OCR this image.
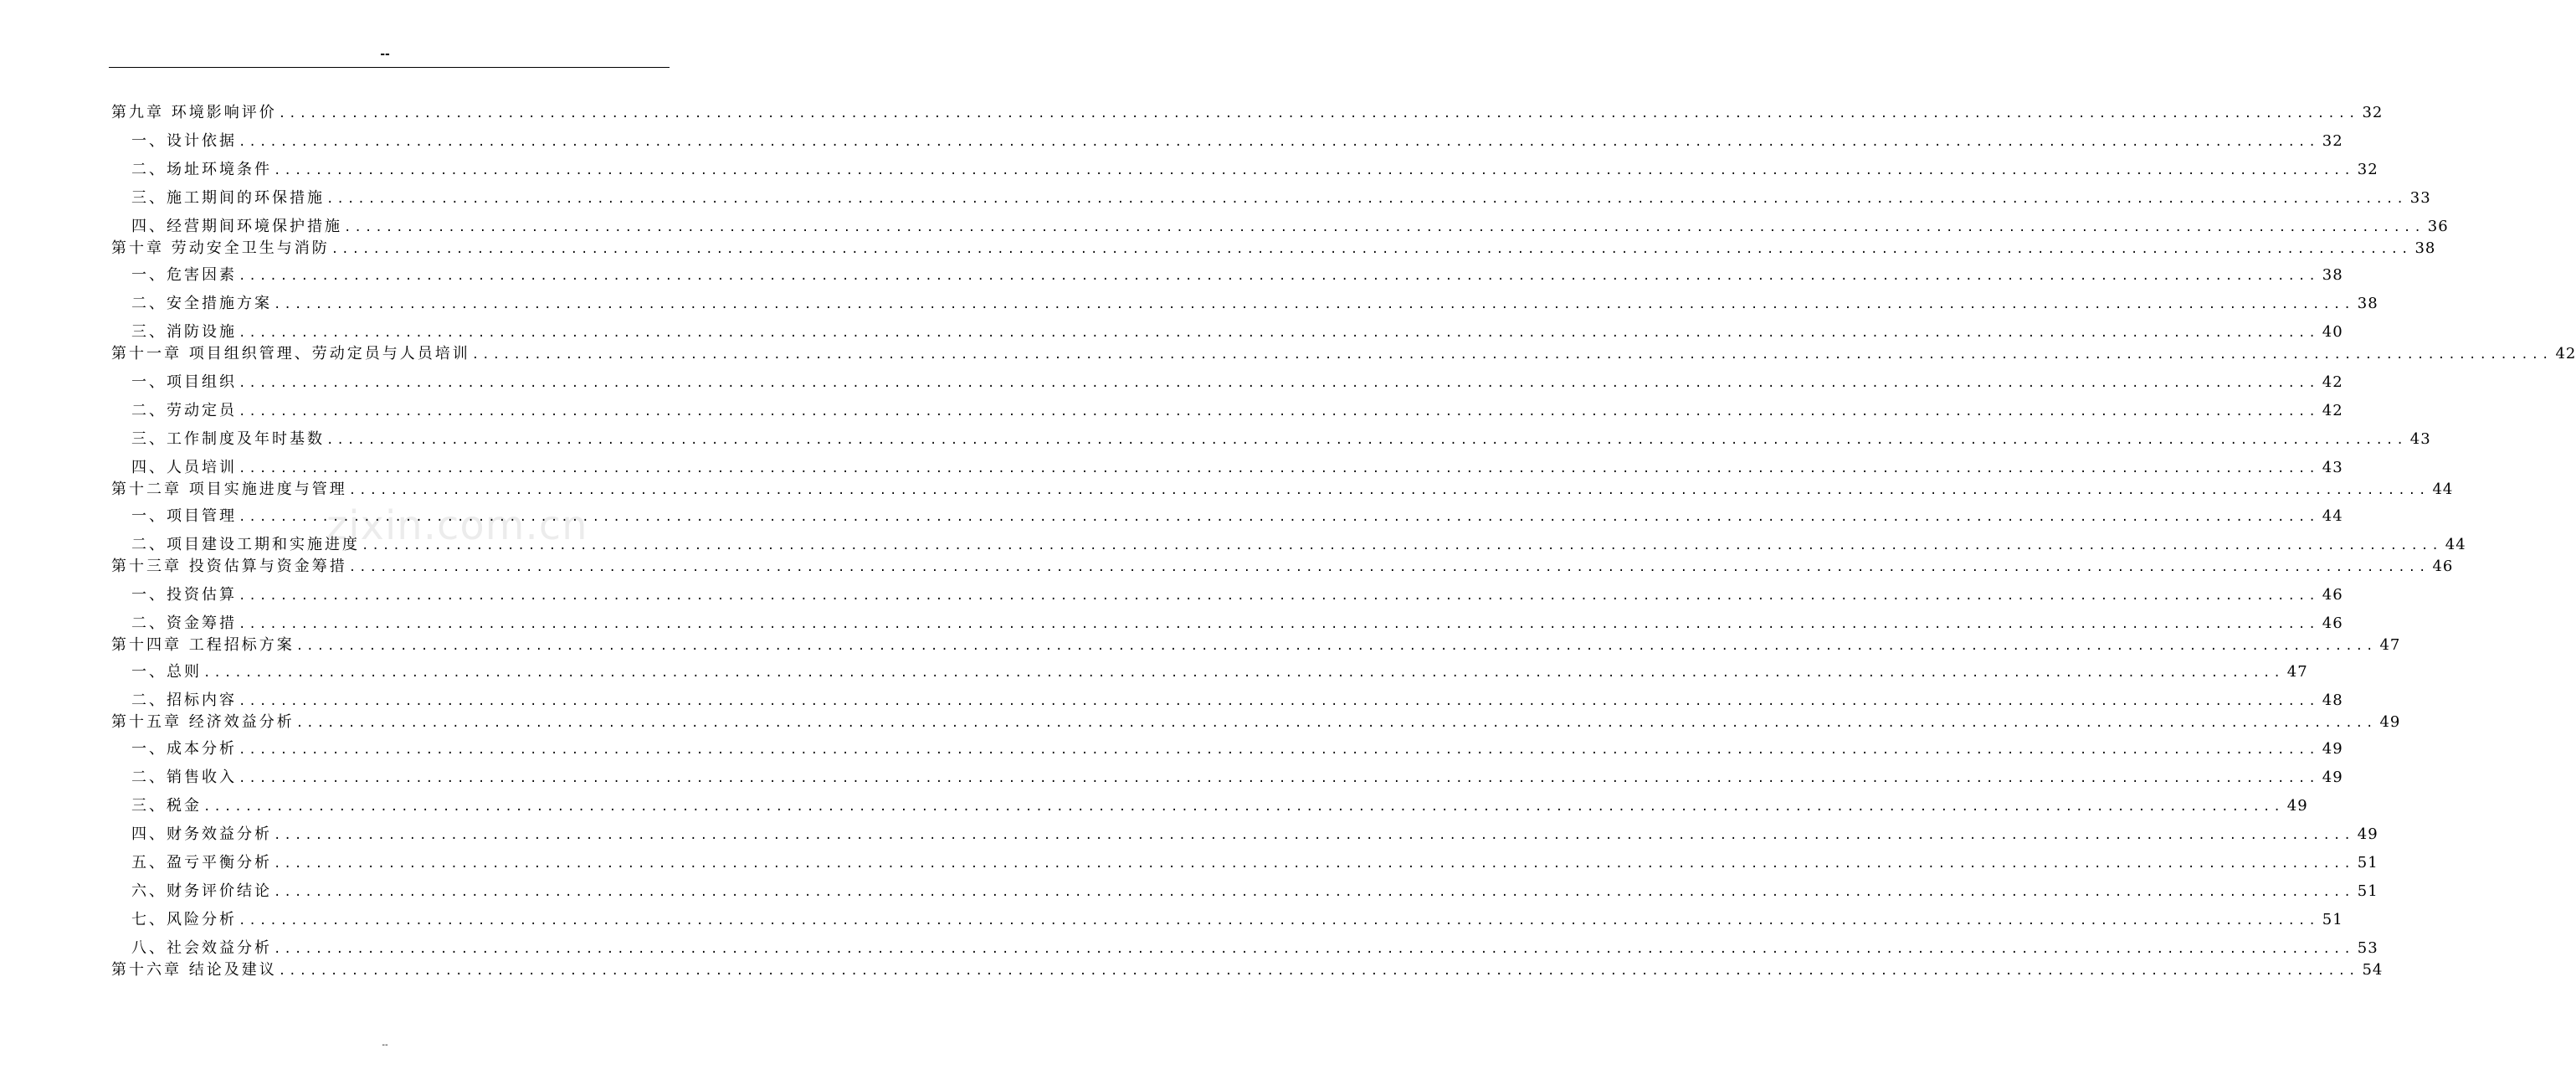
--
zixin.com.cn
第九章 环境影响评价 ........................................................................................................................................................................................................ 32
一、设计依据 ........................................................................................................................................................................................................ 32
二、场址环境条件 ........................................................................................................................................................................................................ 32
三、施工期间的环保措施 ........................................................................................................................................................................................................ 33
四、经营期间环境保护措施 ........................................................................................................................................................................................................ 36
第十章 劳动安全卫生与消防 ........................................................................................................................................................................................................ 38
一、危害因素 ........................................................................................................................................................................................................ 38
二、安全措施方案 ........................................................................................................................................................................................................ 38
三、消防设施 ........................................................................................................................................................................................................ 40
第十一章 项目组织管理、劳动定员与人员培训 ........................................................................................................................................................................................................ 42
一、项目组织 ........................................................................................................................................................................................................ 42
二、劳动定员 ........................................................................................................................................................................................................ 42
三、工作制度及年时基数 ........................................................................................................................................................................................................ 43
四、人员培训 ........................................................................................................................................................................................................ 43
第十二章 项目实施进度与管理 ........................................................................................................................................................................................................ 44
一、项目管理 ........................................................................................................................................................................................................ 44
二、项目建设工期和实施进度 ........................................................................................................................................................................................................ 44
第十三章 投资估算与资金筹措 ........................................................................................................................................................................................................ 46
一、投资估算 ........................................................................................................................................................................................................ 46
二、资金筹措 ........................................................................................................................................................................................................ 46
第十四章 工程招标方案 ........................................................................................................................................................................................................ 47
一、总则 ........................................................................................................................................................................................................ 47
二、招标内容 ........................................................................................................................................................................................................ 48
第十五章 经济效益分析 ........................................................................................................................................................................................................ 49
一、成本分析 ........................................................................................................................................................................................................ 49
二、销售收入 ........................................................................................................................................................................................................ 49
三、税金 ........................................................................................................................................................................................................ 49
四、财务效益分析 ........................................................................................................................................................................................................ 49
五、盈亏平衡分析 ........................................................................................................................................................................................................ 51
六、财务评价结论 ........................................................................................................................................................................................................ 51
七、风险分析 ........................................................................................................................................................................................................ 51
八、社会效益分析 ........................................................................................................................................................................................................ 53
第十六章 结论及建议 ........................................................................................................................................................................................................ 54
--
